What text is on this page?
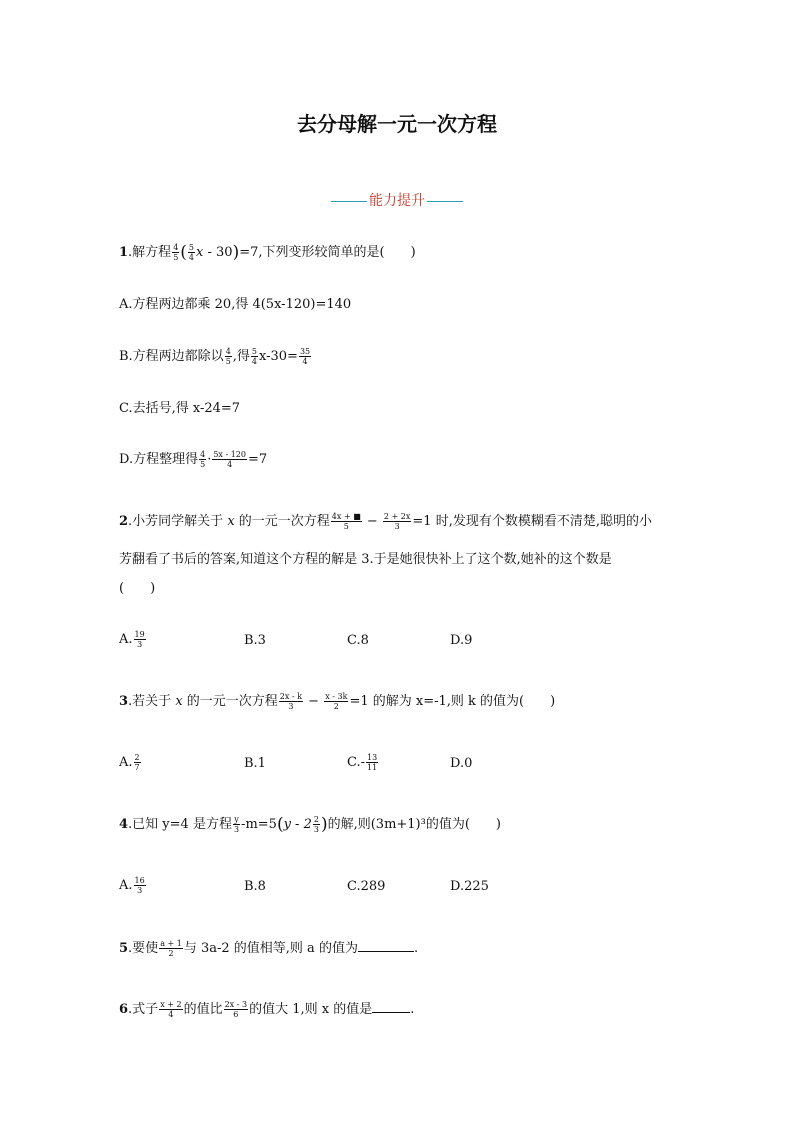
去分母解一元一次方程
能力提升
1.解方程 $\frac{4}{5}$ ( $\frac{5}{4}$ x - 30)=7,下列变形较简单的是(　　)
A.方程两边都乘 20,得 4(5x-120)=140
B.方程两边都除以 $\frac{4}{5}$ ,得 $\frac{5}{4} x-30= \frac{35}{4}$
C.去括号,得 x-24=7
D.方程整理得 $\frac{4}{5} \cdot \frac{5x - 120}{4} =7$
2.小芳同学解关于 x 的一元一次方程 $\frac{4x + ■}{5} - \frac{2 + 2x}{3} =1$ 时,发现有个数模糊看不清楚,聪明的小
芳翻看了书后的答案,知道这个方程的解是 3.于是她很快补上了这个数,她补的这个数是
(　　)
A. $\frac{19}{3}$	B.3	C.8	D.9
3.若关于 x 的一元一次方程 $\frac{2x - k}{3} - \frac{x - 3k}{2} =1$ 的解为 x=-1,则 k 的值为(　　)
A. $\frac{2}{7}$	B.1	$C.- \frac{13}{11}$	D.0
4.已知 y=4 是方程 $\frac{y}{3} -m=5(y - 2 \frac{2}{3}$ )的解,则(3m+1)³的值为(　　)
A. $\frac{16}{3}$	B.8	C.289	D.225
5.要使 $\frac{a + 1}{2}$ 与 3a-2 的值相等,则 a 的值为	.
6.式子 $\frac{x + 2}{4}$ 的值比 $\frac{2x - 3}{6}$ 的值大 1,则 x 的值是	.
